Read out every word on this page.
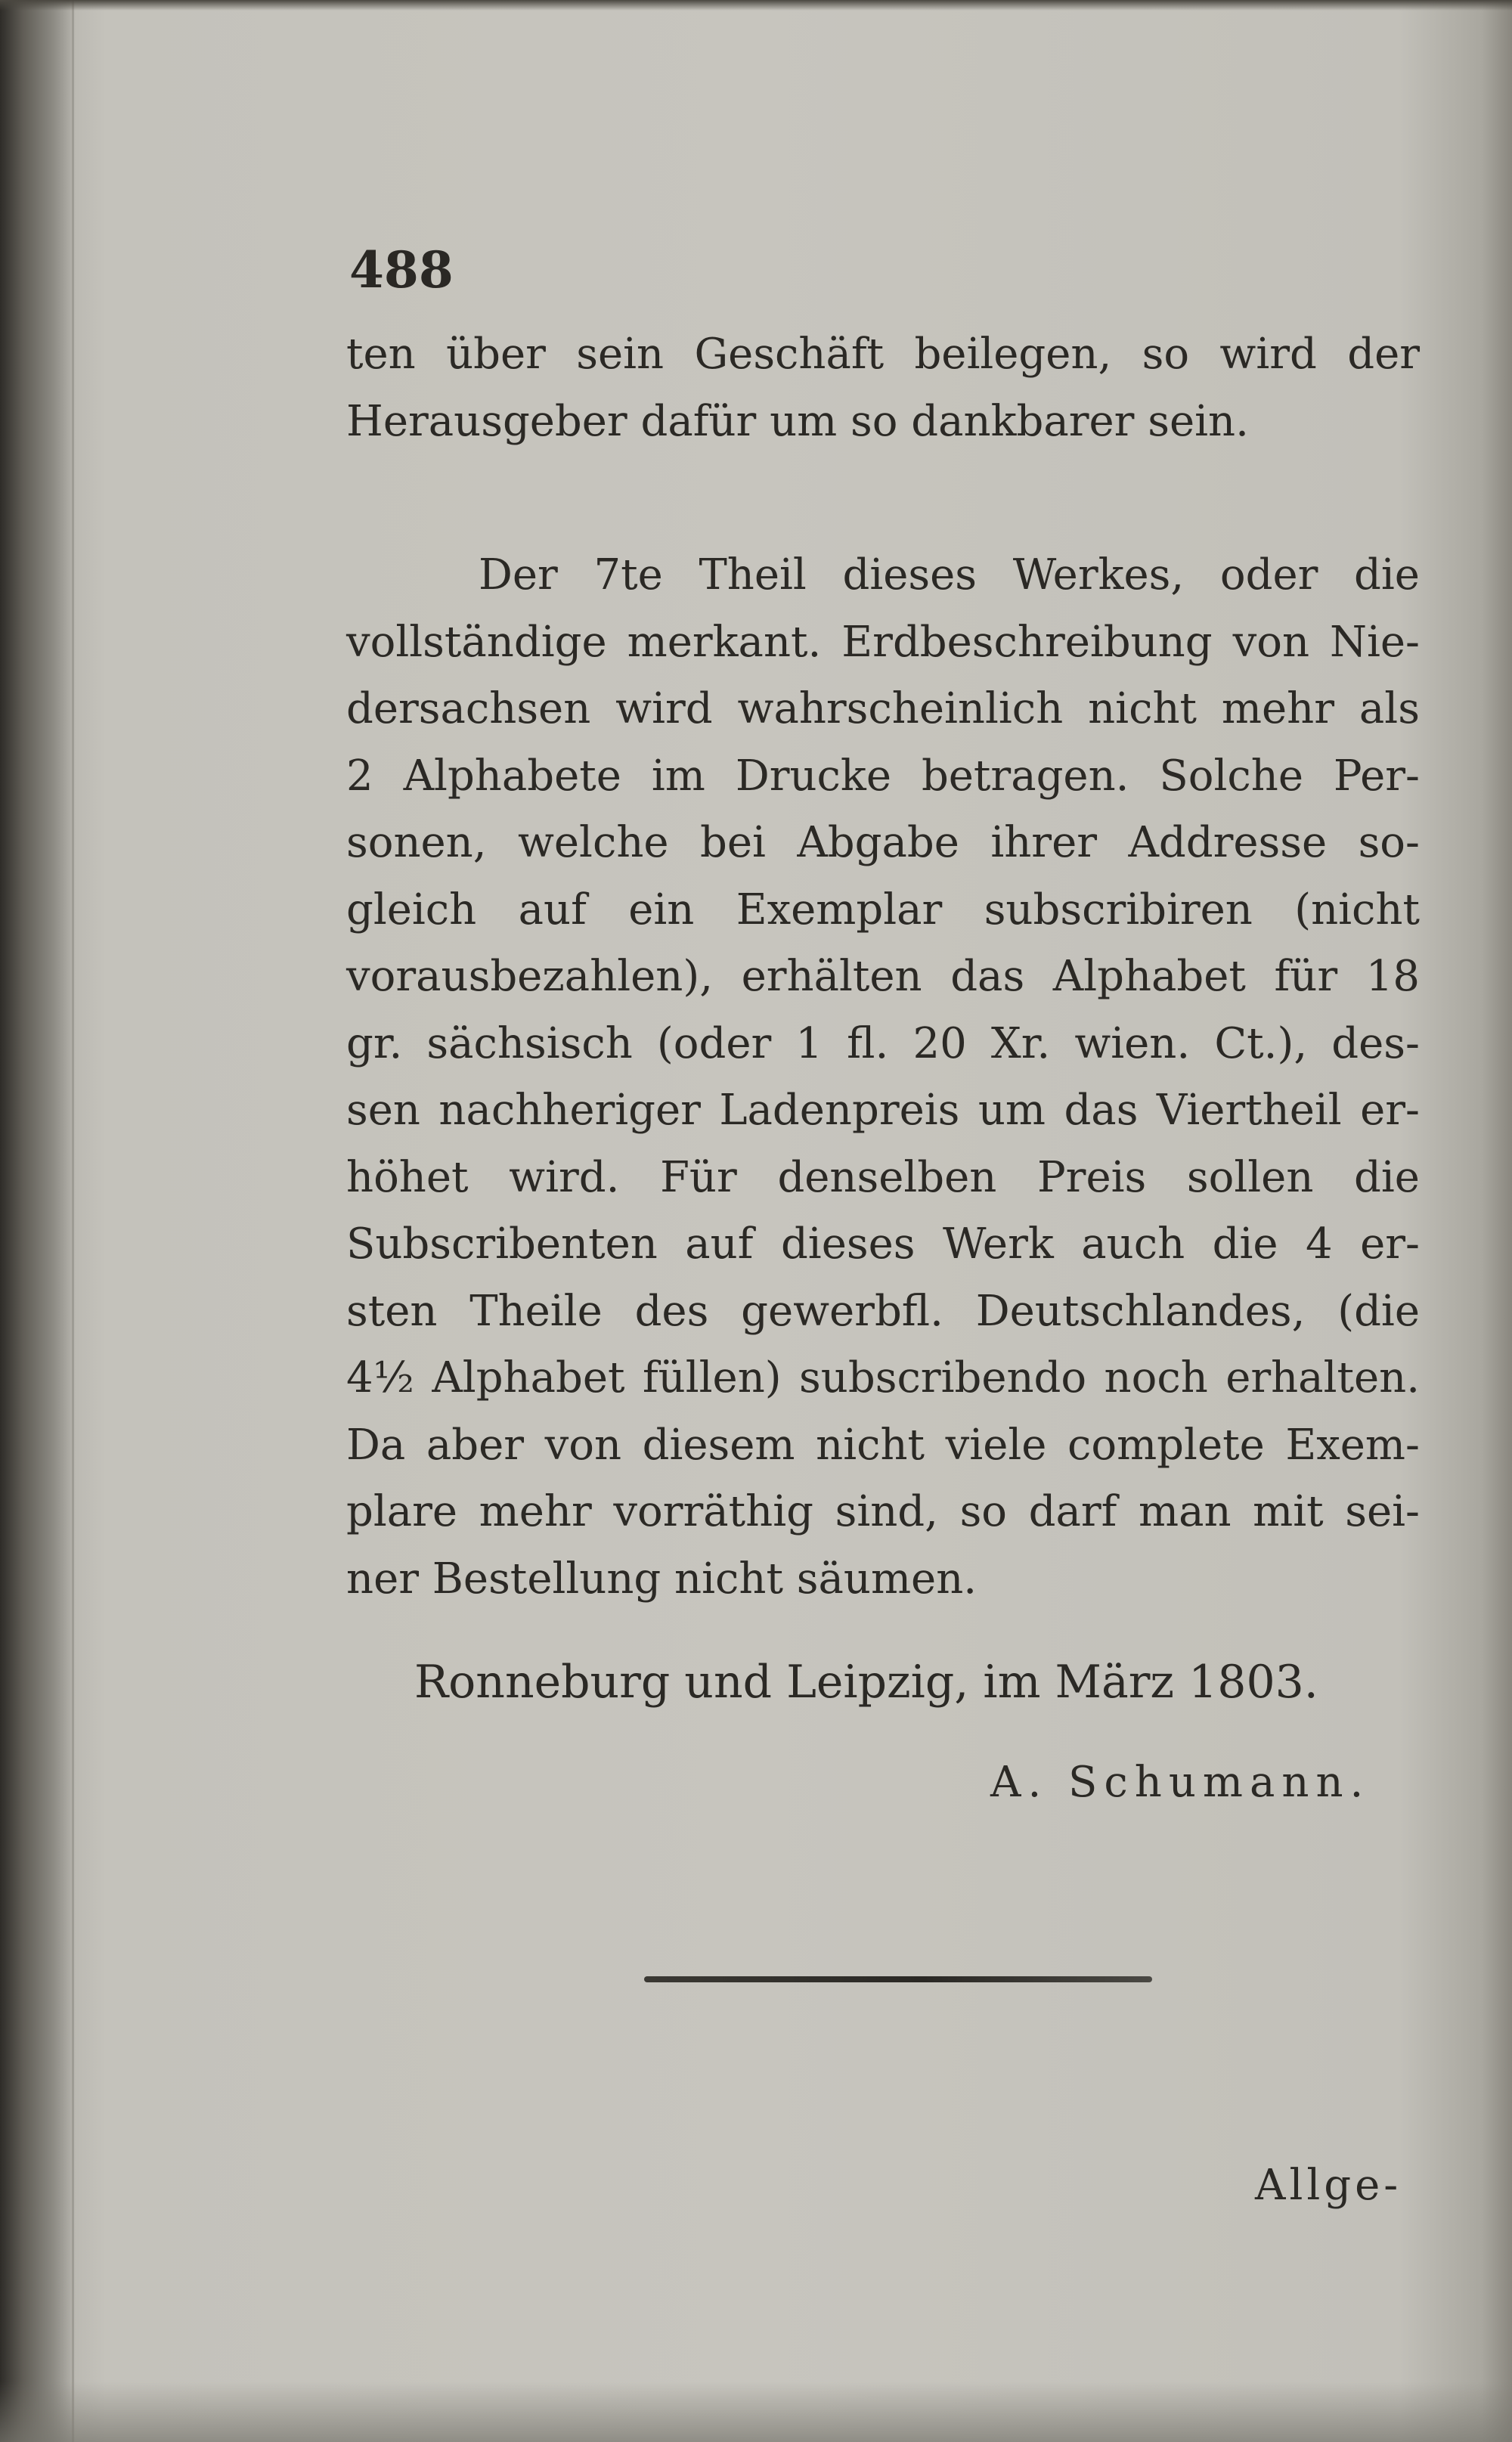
488
ten über sein Geschäft beilegen, so wird der
Herausgeber dafür um so dankbarer sein.
Der 7te Theil dieses Werkes, oder die
vollständige merkant. Erdbeschreibung von Nie-
dersachsen wird wahrscheinlich nicht mehr als
2 Alphabete im Drucke betragen. Solche Per-
sonen, welche bei Abgabe ihrer Addresse so-
gleich auf ein Exemplar subscribiren (nicht
vorausbezahlen), erhälten das Alphabet für 18
gr. sächsisch (oder 1 fl. 20 Xr. wien. Ct.), des-
sen nachheriger Ladenpreis um das Viertheil er-
höhet wird. Für denselben Preis sollen die
Subscribenten auf dieses Werk auch die 4 er-
sten Theile des gewerbfl. Deutschlandes, (die
4½ Alphabet füllen) subscribendo noch erhalten.
Da aber von diesem nicht viele complete Exem-
plare mehr vorräthig sind, so darf man mit sei-
ner Bestellung nicht säumen.
Ronneburg und Leipzig, im März 1803.
A. Schumann.
Allge-
